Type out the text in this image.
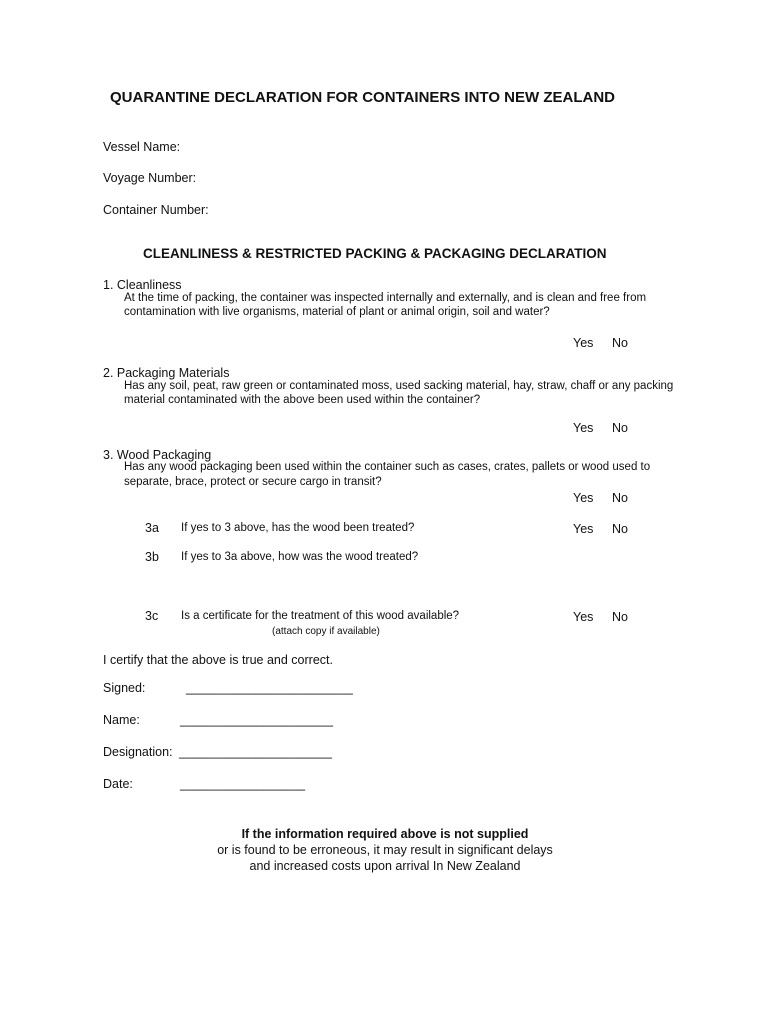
QUARANTINE DECLARATION FOR CONTAINERS INTO NEW ZEALAND
Vessel Name:
Voyage Number:
Container Number:
CLEANLINESS & RESTRICTED PACKING & PACKAGING DECLARATION
1. Cleanliness
At the time of packing, the container was inspected internally and externally, and is clean and free from
contamination with live organisms, material of plant or animal origin, soil and water?
Yes No
2. Packaging Materials
Has any soil, peat, raw green or contaminated moss, used sacking material, hay, straw, chaff or any packing
material contaminated with the above been used within the container?
Yes No
3. Wood Packaging
Has any wood packaging been used within the container such as cases, crates, pallets or wood used to
separate, brace, protect or secure cargo in transit?
Yes No
3a If yes to 3 above, has the wood been treated?	Yes No
3b If yes to 3a above, how was the wood treated?
3c Is a certificate for the treatment of this wood available?
(attach copy if available)
Yes No
I certify that the above is true and correct.
Signed:	________________________
Name:	______________________
Designation: ______________________
Date:	__________________
If the information required above is not supplied
or is found to be erroneous, it may result in significant delays
and increased costs upon arrival In New Zealand
